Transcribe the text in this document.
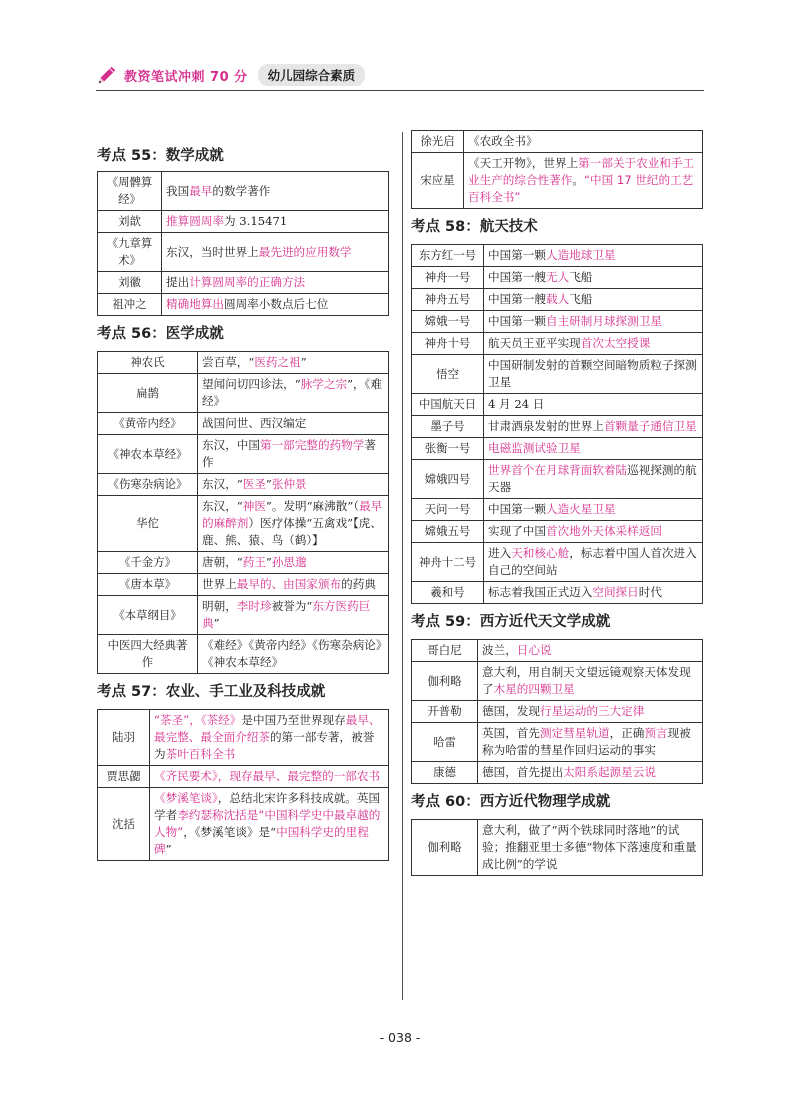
教资笔试冲刺 70 分	幼儿园综合素质
考点 55：数学成就
《周髀算经》	我国最早的数学著作
刘歆	推算圆周率为 3.15471
《九章算术》	东汉，当时世界上最先进的应用数学
刘徽	提出计算圆周率的正确方法
祖冲之	精确地算出圆周率小数点后七位
考点 56：医学成就
神农氏	尝百草，“医药之祖”
扁鹊	望闻问切四诊法，“脉学之宗”，《难经》
《黄帝内经》	战国问世、西汉编定
《神农本草经》	东汉，中国第一部完整的药物学著作
《伤寒杂病论》	东汉，“医圣”张仲景
华佗	东汉，“神医”。发明“麻沸散”（最早的麻醉剂）医疗体操“五禽戏”【虎、鹿、熊、猿、鸟（鹤）】
《千金方》	唐朝，“药王”孙思邈
《唐本草》	世界上最早的、由国家颁布的药典
《本草纲目》	明朝，李时珍被誉为“东方医药巨典”
中医四大经典著作	《难经》《黄帝内经》《伤寒杂病论》《神农本草经》
考点 57：农业、手工业及科技成就
陆羽	“茶圣”，《茶经》是中国乃至世界现存最早、最完整、最全面介绍茶的第一部专著，被誉为茶叶百科全书
贾思勰	《齐民要术》，现存最早、最完整的一部农书
沈括	《梦溪笔谈》，总结北宋许多科技成就。英国学者李约瑟称沈括是“中国科学史中最卓越的人物”，《梦溪笔谈》是“中国科学史的里程碑”
徐光启	《农政全书》
宋应星	《天工开物》，世界上第一部关于农业和手工业生产的综合性著作。“中国 17 世纪的工艺百科全书”
考点 58：航天技术
东方红一号	中国第一颗人造地球卫星
神舟一号	中国第一艘无人飞船
神舟五号	中国第一艘载人飞船
嫦娥一号	中国第一颗自主研制月球探测卫星
神舟十号	航天员王亚平实现首次太空授课
悟空	中国研制发射的首颗空间暗物质粒子探测卫星
中国航天日	4 月 24 日
墨子号	甘肃酒泉发射的世界上首颗量子通信卫星
张衡一号	电磁监测试验卫星
嫦娥四号	世界首个在月球背面软着陆巡视探测的航天器
天问一号	中国第一颗人造火星卫星
嫦娥五号	实现了中国首次地外天体采样返回
神舟十二号	进入天和核心舱，标志着中国人首次进入自己的空间站
羲和号	标志着我国正式迈入空间探日时代
考点 59：西方近代天文学成就
哥白尼	波兰，日心说
伽利略	意大利，用自制天文望远镜观察天体发现了木星的四颗卫星
开普勒	德国，发现行星运动的三大定律
哈雷	英国，首先测定彗星轨道，正确预言现被称为哈雷的彗星作回归运动的事实
康德	德国，首先提出太阳系起源星云说
考点 60：西方近代物理学成就
伽利略	意大利，做了“两个铁球同时落地”的试验；推翻亚里士多德“物体下落速度和重量成比例”的学说
- 038 -
